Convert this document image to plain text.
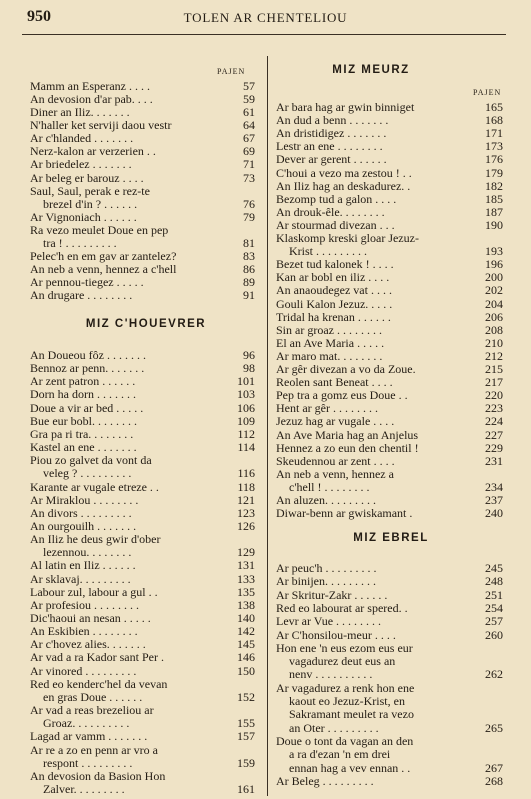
950	TOLEN AR CHENTELIOU
PAJEN
Mamm an Esperanz . . . .	57
An devosion d'ar pab. . . .	59
Diner an Iliz. . . . . . .	61
N'haller ket serviji daou vestr	64
Ar c'hlanded . . . . . . .	67
Nerz-kalon ar verzerien . .	69
Ar briedelez . . . . . . .	71
Ar beleg er barouz . . . .	73
Saul, Saul, perak e rez-te
brezel d'in ? . . . . . .	76
Ar Vignoniach . . . . . .	79
Ra vezo meulet Doue en pep
tra ! . . . . . . . . .	81
Pelec'h en em gav ar zantelez?	83
An neb a venn, hennez a c'hell	86
Ar pennou-tiegez . . . . .	89
An drugare . . . . . . . .	91
MIZ C'HOUEVRER
An Doueou fôz . . . . . . .	96
Bennoz ar penn. . . . . . .	98
Ar zent patron . . . . . .	101
Dorn ha dorn . . . . . . .	103
Doue a vir ar bed . . . . .	106
Bue eur bobl. . . . . . . .	109
Gra pa ri tra. . . . . . . .	112
Kastel an ene . . . . . . .	114
Piou zo galvet da vont da
veleg ? . . . . . . . . .	116
Karante ar vugale etreze . .	118
Ar Miraklou . . . . . . . .	121
An divors . . . . . . . . .	123
An ourgouilh . . . . . . .	126
An Iliz he deus gwir d'ober
lezennou. . . . . . . .	129
Al latin en Iliz . . . . . .	131
Ar sklavaj. . . . . . . . .	133
Labour zul, labour a gul . .	135
Ar profesiou . . . . . . . .	138
Dic'haoui an nesan . . . . .	140
An Eskibien . . . . . . . .	142
Ar c'hovez alies. . . . . . .	145
Ar vad a ra Kador sant Per .	146
Ar vinored . . . . . . . . .	150
Red eo kenderc'hel da vevan
en gras Doue . . . . . .	152
Ar vad a reas brezeliou ar
Groaz. . . . . . . . . .	155
Lagad ar vamm . . . . . . .	157
Ar re a zo en penn ar vro a
respont . . . . . . . . .	159
An devosion da Basion Hon
Zalver. . . . . . . . .	161
MIZ MEURZ
PAJEN
Ar bara hag ar gwin binniget	165
An dud a benn . . . . . . .	168
An dristidigez . . . . . . .	171
Lestr an ene . . . . . . . .	173
Dever ar gerent . . . . . .	176
C'houi a vezo ma zestou ! . .	179
An Iliz hag an deskadurez. .	182
Bezomp tud a galon . . . .	185
An drouk-êle. . . . . . . .	187
Ar stourmad divezan . . .	190
Klaskomp kreski gloar Jezuz-
Krist . . . . . . . . .	193
Bezet tud kalonek ! . . . .	196
Kan ar bobl en iliz . . . .	200
An anaoudegez vat . . . .	202
Gouli Kalon Jezuz. . . . .	204
Tridal ha krenan . . . . . .	206
Sin ar groaz . . . . . . . .	208
El an Ave Maria . . . . .	210
Ar maro mat. . . . . . . .	212
Ar gêr divezan a vo da Zoue.	215
Reolen sant Beneat . . . .	217
Pep tra a gomz eus Doue . .	220
Hent ar gêr . . . . . . . .	223
Jezuz hag ar vugale . . . .	224
An Ave Maria hag an Anjelus	227
Hennez a zo eun den chentil !	229
Skeudennou ar zent . . . .	231
An neb a venn, hennez a
c'hell ! . . . . . . . .	234
An aluzen. . . . . . . . .	237
Diwar-benn ar gwiskamant .	240
MIZ EBREL
Ar peuc'h . . . . . . . . .	245
Ar binijen. . . . . . . . .	248
Ar Skritur-Zakr . . . . . .	251
Red eo labourat ar spered. .	254
Levr ar Vue . . . . . . . .	257
Ar C'honsilou-meur . . . .	260
Hon ene 'n eus ezom eus eur
vagadurez deut eus an
nenv . . . . . . . . . .	262
Ar vagadurez a renk hon ene
kaout eo Jezuz-Krist, en
Sakramant meulet ra vezo
an Oter . . . . . . . . .	265
Doue o tont da vagan an den
a ra d'ezan 'n em drei
ennan hag a vev ennan . .	267
Ar Beleg . . . . . . . . .	268
